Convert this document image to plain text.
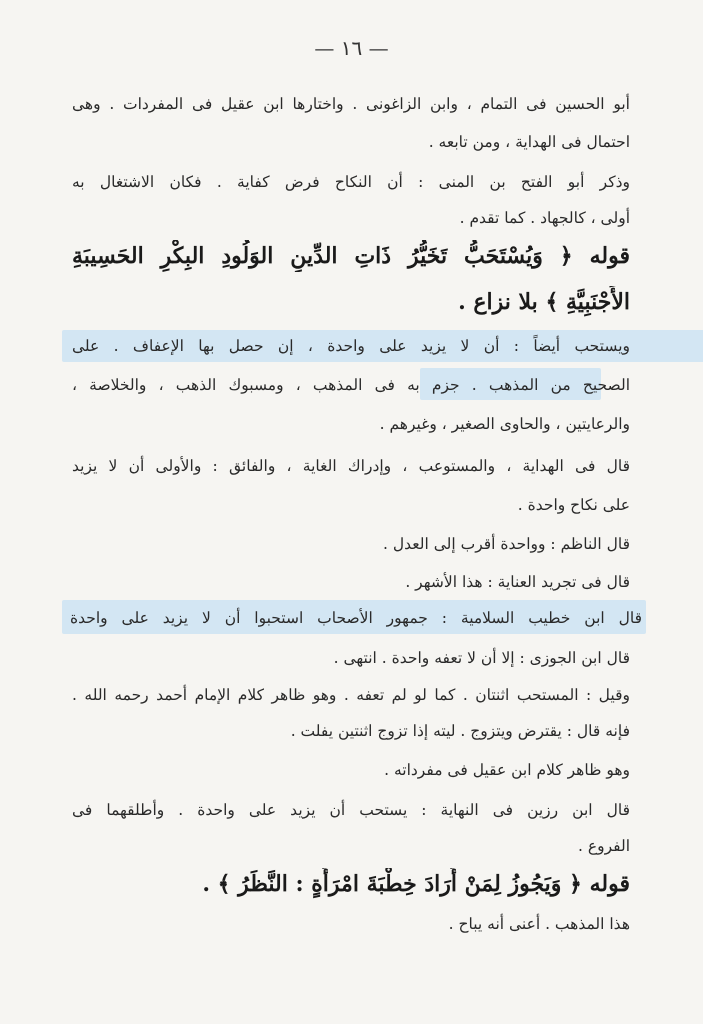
— ١٦ —
أبو الحسين فى التمام ، وابن الزاغونى . واختارها ابن عقيل فى المفردات . وهى
احتمال فى الهداية ، ومن تابعه .
وذكر أبو الفتح بن المنى : أن النكاح فرض كفاية . فكان الاشتغال به
أولى ، كالجهاد . كما تقدم .
قوله ﴿ وَيُسْتَحَبُّ تَخَيُّرُ ذَاتِ الدِّينِ الوَلُودِ البِكْرِ الحَسِيبَةِ
الأَجْنَبِيَّةِ ﴾ بلا نزاع .
ويستحب أيضاً : أن لا يزيد على واحدة ، إن حصل بها الإعفاف . على
الصحيح من المذهب . جزم به فى المذهب ، ومسبوك الذهب ، والخلاصة ،
والرعايتين ، والحاوى الصغير ، وغيرهم .
قال فى الهداية ، والمستوعب ، وإدراك الغاية ، والفائق : والأولى أن لا يزيد
على نكاح واحدة .
قال الناظم : وواحدة أقرب إلى العدل .
قال فى تجريد العناية : هذا الأشهر .
قال ابن خطيب السلامية : جمهور الأصحاب استحبوا أن لا يزيد على واحدة
قال ابن الجوزى : إلا أن لا تعفه واحدة . انتهى .
وقيل : المستحب اثنتان . كما لو لم تعفه . وهو ظاهر كلام الإمام أحمد رحمه الله .
فإنه قال : يقترض ويتزوج . ليته إذا تزوج اثنتين يفلت .
وهو ظاهر كلام ابن عقيل فى مفرداته .
قال ابن رزين فى النهاية : يستحب أن يزيد على واحدة . وأطلقهما فى
الفروع .
قوله ﴿ وَيَجُوزُ لِمَنْ أَرَادَ خِطْبَةَ امْرَأَةٍ : النَّظَرُ ﴾ .
هذا المذهب . أعنى أنه يباح .
